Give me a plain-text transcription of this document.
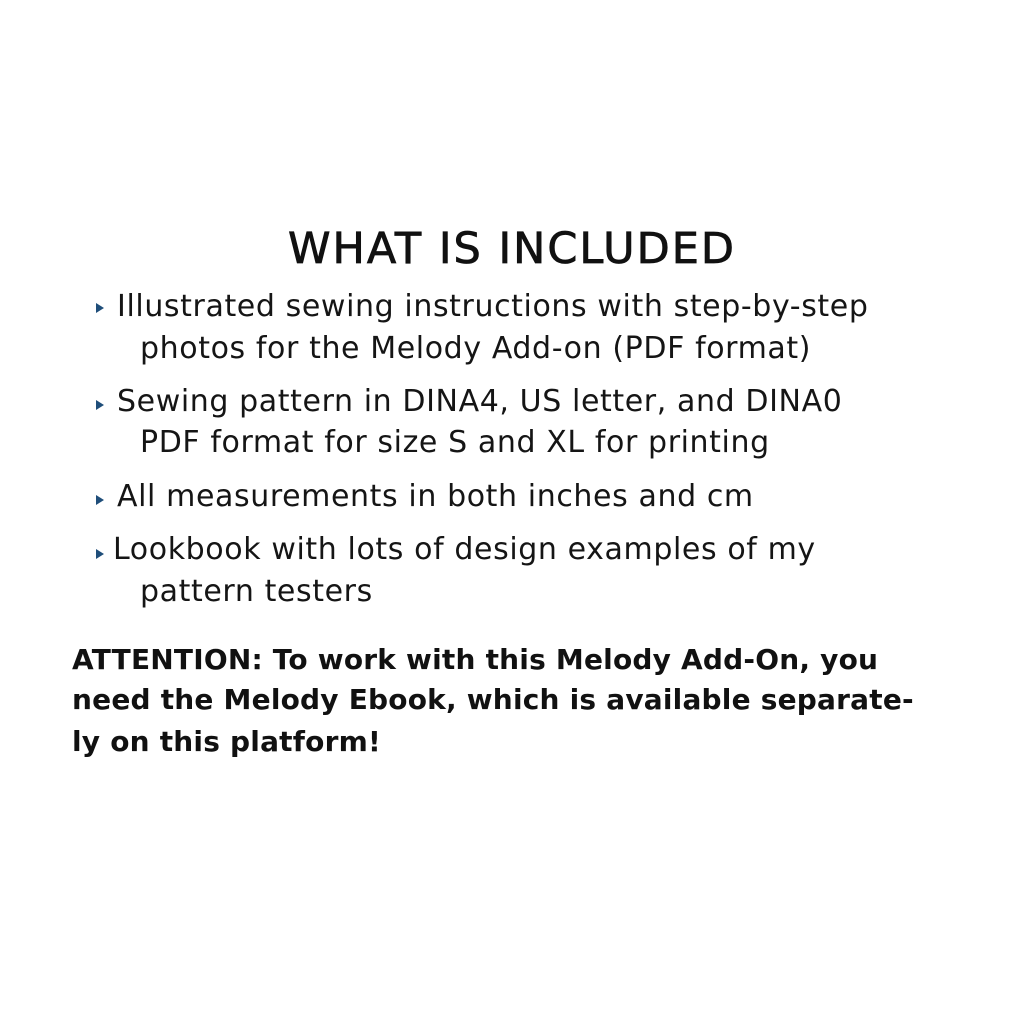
WHAT IS INCLUDED
Illustrated sewing instructions with step-by-step
photos for the Melody Add-on (PDF format)
Sewing pattern in DINA4, US letter, and DINA0
PDF format for size S and XL for printing
All measurements in both inches and cm
Lookbook with lots of design examples of my
pattern testers
ATTENTION: To work with this Melody Add-On, you
need the Melody Ebook, which is available separate-
ly on this platform!
